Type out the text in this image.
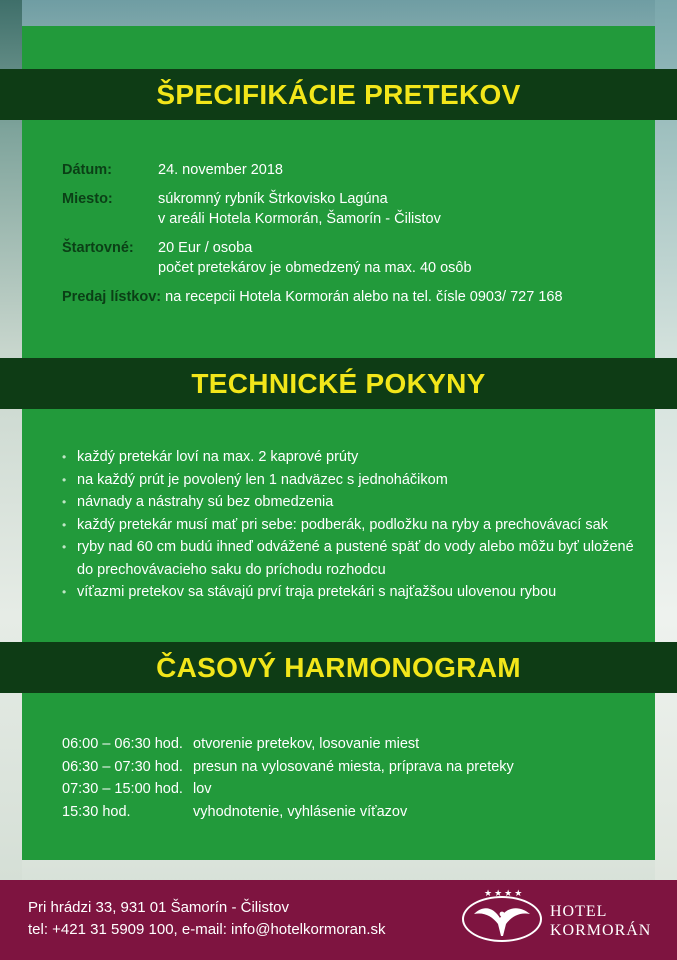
ŠPECIFIKÁCIE PRETEKOV
Dátum:	24. november 2018
Miesto:	súkromný rybník Štrkovisko Lagúna
v areáli Hotela Kormorán, Šamorín - Čilistov
Štartovné:	20 Eur / osoba
počet pretekárov je obmedzený na max. 40 osôb
Predaj lístkov: na recepcii Hotela Kormorán alebo na tel. čísle 0903/ 727 168
TECHNICKÉ POKYNY
• každý pretekár loví na max. 2 kaprové prúty
• na každý prút je povolený len 1 nadväzec s jednoháčikom
• návnady a nástrahy sú bez obmedzenia
• každý pretekár musí mať pri sebe: podberák, podložku na ryby a prechovávací sak
• ryby nad 60 cm budú ihneď odvážené a pustené späť do vody alebo môžu byť uložené do prechovávacieho saku do príchodu rozhodcu
• víťazmi pretekov sa stávajú prví traja pretekári s najťažšou ulovenou rybou
ČASOVÝ HARMONOGRAM
06:00 – 06:30 hod. otvorenie pretekov, losovanie miest
06:30 – 07:30 hod. presun na vylosované miesta, príprava na preteky
07:30 – 15:00 hod. lov
15:30 hod.	vyhodnotenie, vyhlásenie víťazov
Pri hrádzi 33, 931 01 Šamorín - Čilistov
tel: +421 31 5909 100, e-mail: info@hotelkormoran.sk
★★★★
HOTEL
KORMORÁN
